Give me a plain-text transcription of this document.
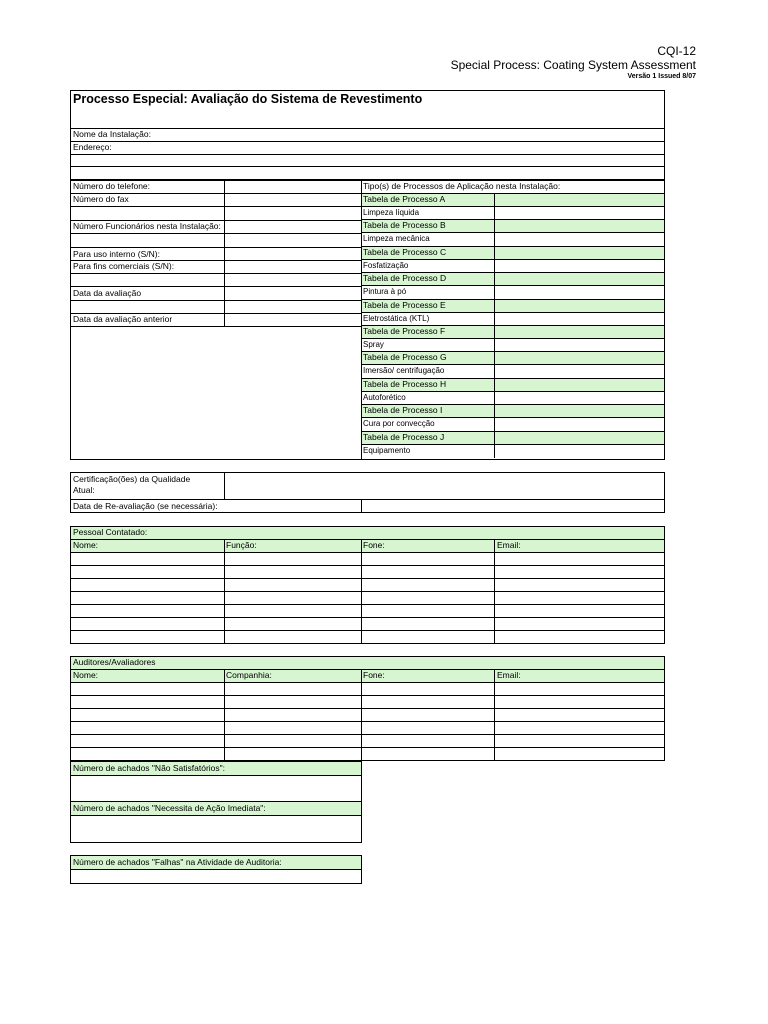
CQI-12
Special Process: Coating System Assessment
Versão 1 Issued 8/07
Processo Especial: Avaliação do Sistema de Revestimento
Nome da Instalação:
Endereço:
Número do telefone:
Número do fax
Número Funcionários nesta Instalação:
Para uso interno (S/N):
Para fins comerciais (S/N):
Data da avaliação
Data da avaliação anterior
Tipo(s) de Processos de Aplicação nesta Instalação:
Tabela de Processo A
Limpeza líquida
Tabela de Processo B
Limpeza mecânica
Tabela de Processo C
Fosfatização
Tabela de Processo D
Pintura à pó
Tabela de Processo E
Eletrostática (KTL)
Tabela de Processo F
Spray
Tabela de Processo G
Imersão/ centrifugação
Tabela de Processo H
Autoforético
Tabela de Processo I
Cura por convecção
Tabela de Processo J
Equipamento
Certificação(ões) da Qualidade
Atual:
Data de Re-avaliação (se necessária):
Pessoal Contatado:
Nome:	Função:	Fone:	Email:
Auditores/Avaliadores
Nome:	Companhia:	Fone:	Email:
Número de achados "Não Satisfatórios":
Número de achados "Necessita de Ação Imediata":
Número de achados "Falhas" na Atividade de Auditoria:
